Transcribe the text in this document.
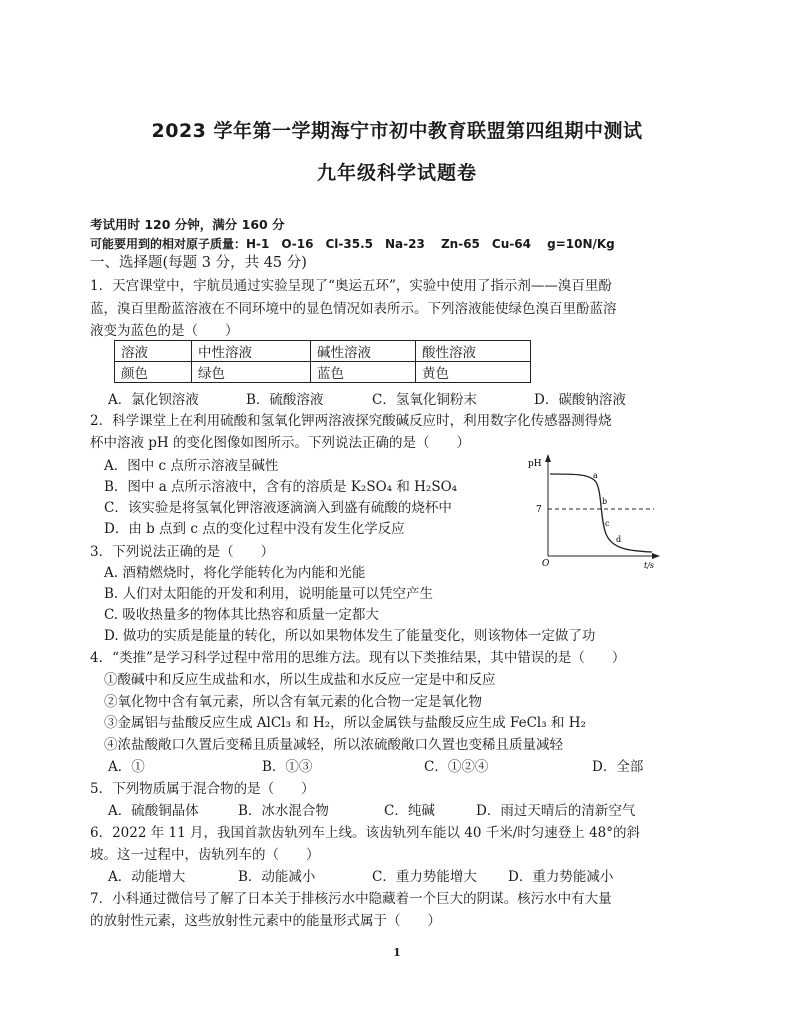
2023 学年第一学期海宁市初中教育联盟第四组期中测试
九年级科学试题卷
考试用时 120 分钟，满分 160 分
可能要用到的相对原子质量：H-1　O-16　Cl-35.5　Na-23　 Zn-65　Cu-64　 g=10N/Kg
一、选择题(每题 3 分，共 45 分)
1．天宫课堂中，宇航员通过实验呈现了“奥运五环”，实验中使用了指示剂——溴百里酚
蓝，溴百里酚蓝溶液在不同环境中的显色情况如表所示。下列溶液能使绿色溴百里酚蓝溶
液变为蓝色的是（　　）
溶液	中性溶液	碱性溶液	酸性溶液
颜色	绿色	蓝色	黄色
A．氯化钡溶液	B．硫酸溶液	C．氢氧化铜粉末	D．碳酸钠溶液
2．科学课堂上在利用硫酸和氢氧化钾两溶液探究酸碱反应时，利用数字化传感器测得烧
杯中溶液 pH 的变化图像如图所示。下列说法正确的是（　　）
A．图中 c 点所示溶液呈碱性
B．图中 a 点所示溶液中，含有的溶质是 K₂SO₄ 和 H₂SO₄
C．该实验是将氢氧化钾溶液逐滴滴入到盛有硫酸的烧杯中
D．由 b 点到 c 点的变化过程中没有发生化学反应
pH
7
O	t/s
a
b
c
d
3．下列说法正确的是（　　）
A. 酒精燃烧时，将化学能转化为内能和光能
B. 人们对太阳能的开发和利用，说明能量可以凭空产生
C. 吸收热量多的物体其比热容和质量一定都大
D. 做功的实质是能量的转化，所以如果物体发生了能量变化，则该物体一定做了功
4．“类推”是学习科学过程中常用的思维方法。现有以下类推结果，其中错误的是（　　）
①酸碱中和反应生成盐和水，所以生成盐和水反应一定是中和反应
②氧化物中含有氧元素，所以含有氧元素的化合物一定是氧化物
③金属铝与盐酸反应生成 AlCl₃ 和 H₂，所以金属铁与盐酸反应生成 FeCl₃ 和 H₂
④浓盐酸敞口久置后变稀且质量减轻，所以浓硫酸敞口久置也变稀且质量减轻
A．①	B．①③	C．①②④	D．全部
5．下列物质属于混合物的是（　　）
A．硫酸铜晶体	B．冰水混合物	C．纯碱	D．雨过天晴后的清新空气
6．2022 年 11 月，我国首款齿轨列车上线。该齿轨列车能以 40 千米/时匀速登上 48°的斜
坡。这一过程中，齿轨列车的（　　）
A．动能增大	B．动能减小	C．重力势能增大 D．重力势能减小
7．小科通过微信号了解了日本关于排核污水中隐藏着一个巨大的阴谋。核污水中有大量
的放射性元素，这些放射性元素中的能量形式属于（　　）
1
